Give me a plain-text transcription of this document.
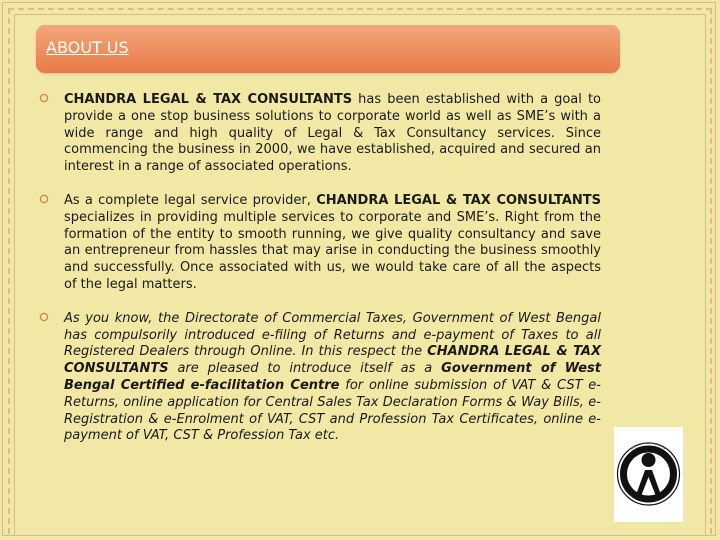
ABOUT US
CHANDRA LEGAL & TAX CONSULTANTS has been established with a goal to provide a one stop business solutions to corporate world as well as SME’s with a wide range and high quality of Legal & Tax Consultancy services. Since commencing the business in 2000, we have established, acquired and secured an interest in a range of associated operations.
As a complete legal service provider, CHANDRA LEGAL & TAX CONSULTANTS specializes in providing multiple services to corporate and SME’s. Right from the formation of the entity to smooth running, we give quality consultancy and save an entrepreneur from hassles that may arise in conducting the business smoothly and successfully. Once associated with us, we would take care of all the aspects of the legal matters.
As you know, the Directorate of Commercial Taxes, Government of West Bengal has compulsorily introduced e-filing of Returns and e-payment of Taxes to all Registered Dealers through Online. In this respect the CHANDRA LEGAL & TAX CONSULTANTS are pleased to introduce itself as a Government of West Bengal Certified e-facilitation Centre for online submission of VAT & CST e-Returns, online application for Central Sales Tax Declaration Forms & Way Bills, e-Registration & e-Enrolment of VAT, CST and Profession Tax Certificates, online e-payment of VAT, CST & Profession Tax etc.
